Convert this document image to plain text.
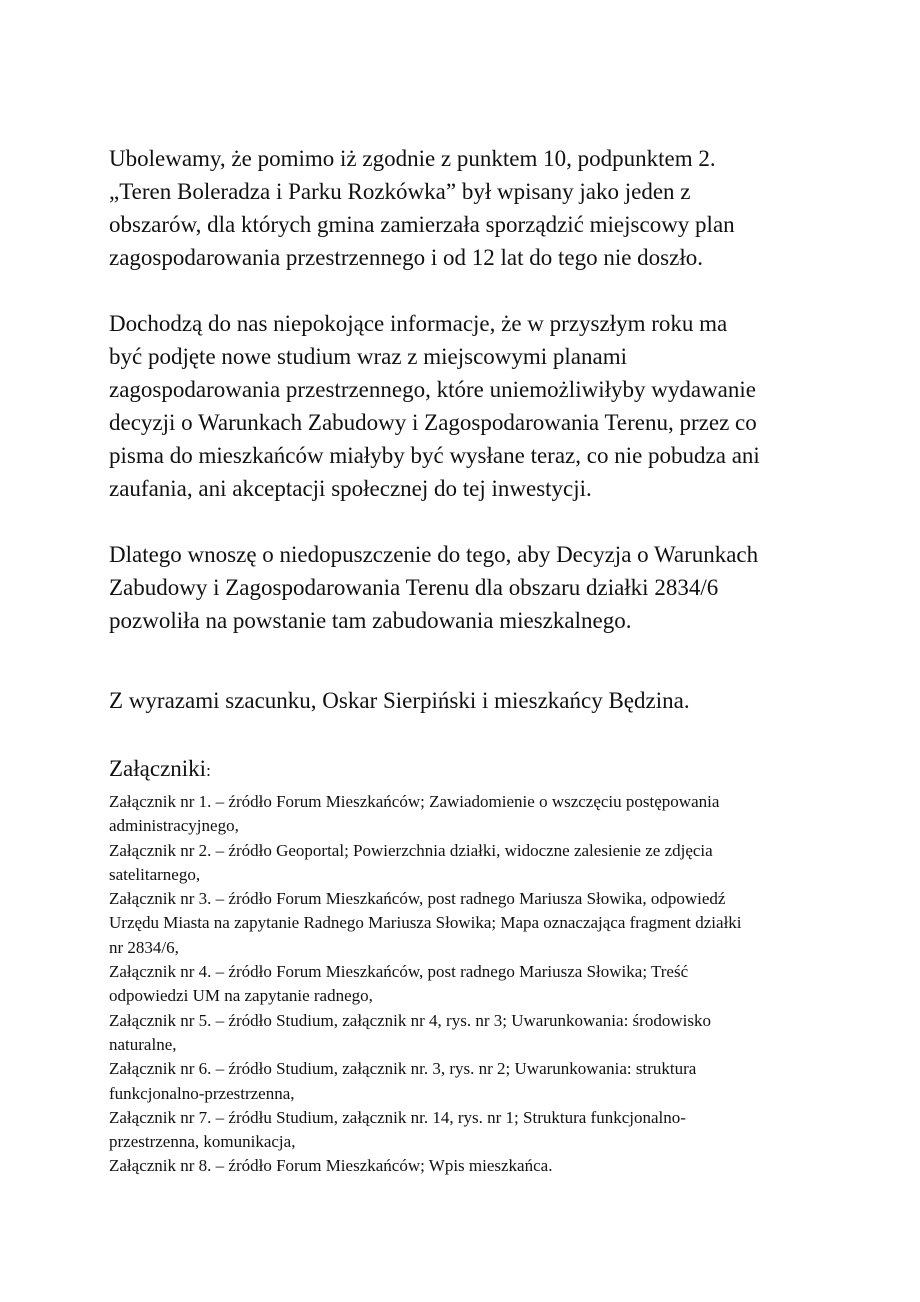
Ubolewamy, że pomimo iż zgodnie z punktem 10, podpunktem 2.
„Teren Boleradza i Parku Rozkówka” był wpisany jako jeden z
obszarów, dla których gmina zamierzała sporządzić miejscowy plan
zagospodarowania przestrzennego i od 12 lat do tego nie doszło.
Dochodzą do nas niepokojące informacje, że w przyszłym roku ma
być podjęte nowe studium wraz z miejscowymi planami
zagospodarowania przestrzennego, które uniemożliwiłyby wydawanie
decyzji o Warunkach Zabudowy i Zagospodarowania Terenu, przez co
pisma do mieszkańców miałyby być wysłane teraz, co nie pobudza ani
zaufania, ani akceptacji społecznej do tej inwestycji.
Dlatego wnoszę o niedopuszczenie do tego, aby Decyzja o Warunkach
Zabudowy i Zagospodarowania Terenu dla obszaru działki 2834/6
pozwoliła na powstanie tam zabudowania mieszkalnego.
Z wyrazami szacunku, Oskar Sierpiński i mieszkańcy Będzina.
Załączniki:
Załącznik nr 1. – źródło Forum Mieszkańców; Zawiadomienie o wszczęciu postępowania
administracyjnego,
Załącznik nr 2. – źródło Geoportal; Powierzchnia działki, widoczne zalesienie ze zdjęcia
satelitarnego,
Załącznik nr 3. – źródło Forum Mieszkańców, post radnego Mariusza Słowika, odpowiedź
Urzędu Miasta na zapytanie Radnego Mariusza Słowika; Mapa oznaczająca fragment działki
nr 2834/6,
Załącznik nr 4. – źródło Forum Mieszkańców, post radnego Mariusza Słowika; Treść
odpowiedzi UM na zapytanie radnego,
Załącznik nr 5. – źródło Studium, załącznik nr 4, rys. nr 3; Uwarunkowania: środowisko
naturalne,
Załącznik nr 6. – źródło Studium, załącznik nr. 3, rys. nr 2; Uwarunkowania: struktura
funkcjonalno-przestrzenna,
Załącznik nr 7. – źródłu Studium, załącznik nr. 14, rys. nr 1; Struktura funkcjonalno-
przestrzenna, komunikacja,
Załącznik nr 8. – źródło Forum Mieszkańców; Wpis mieszkańca.
